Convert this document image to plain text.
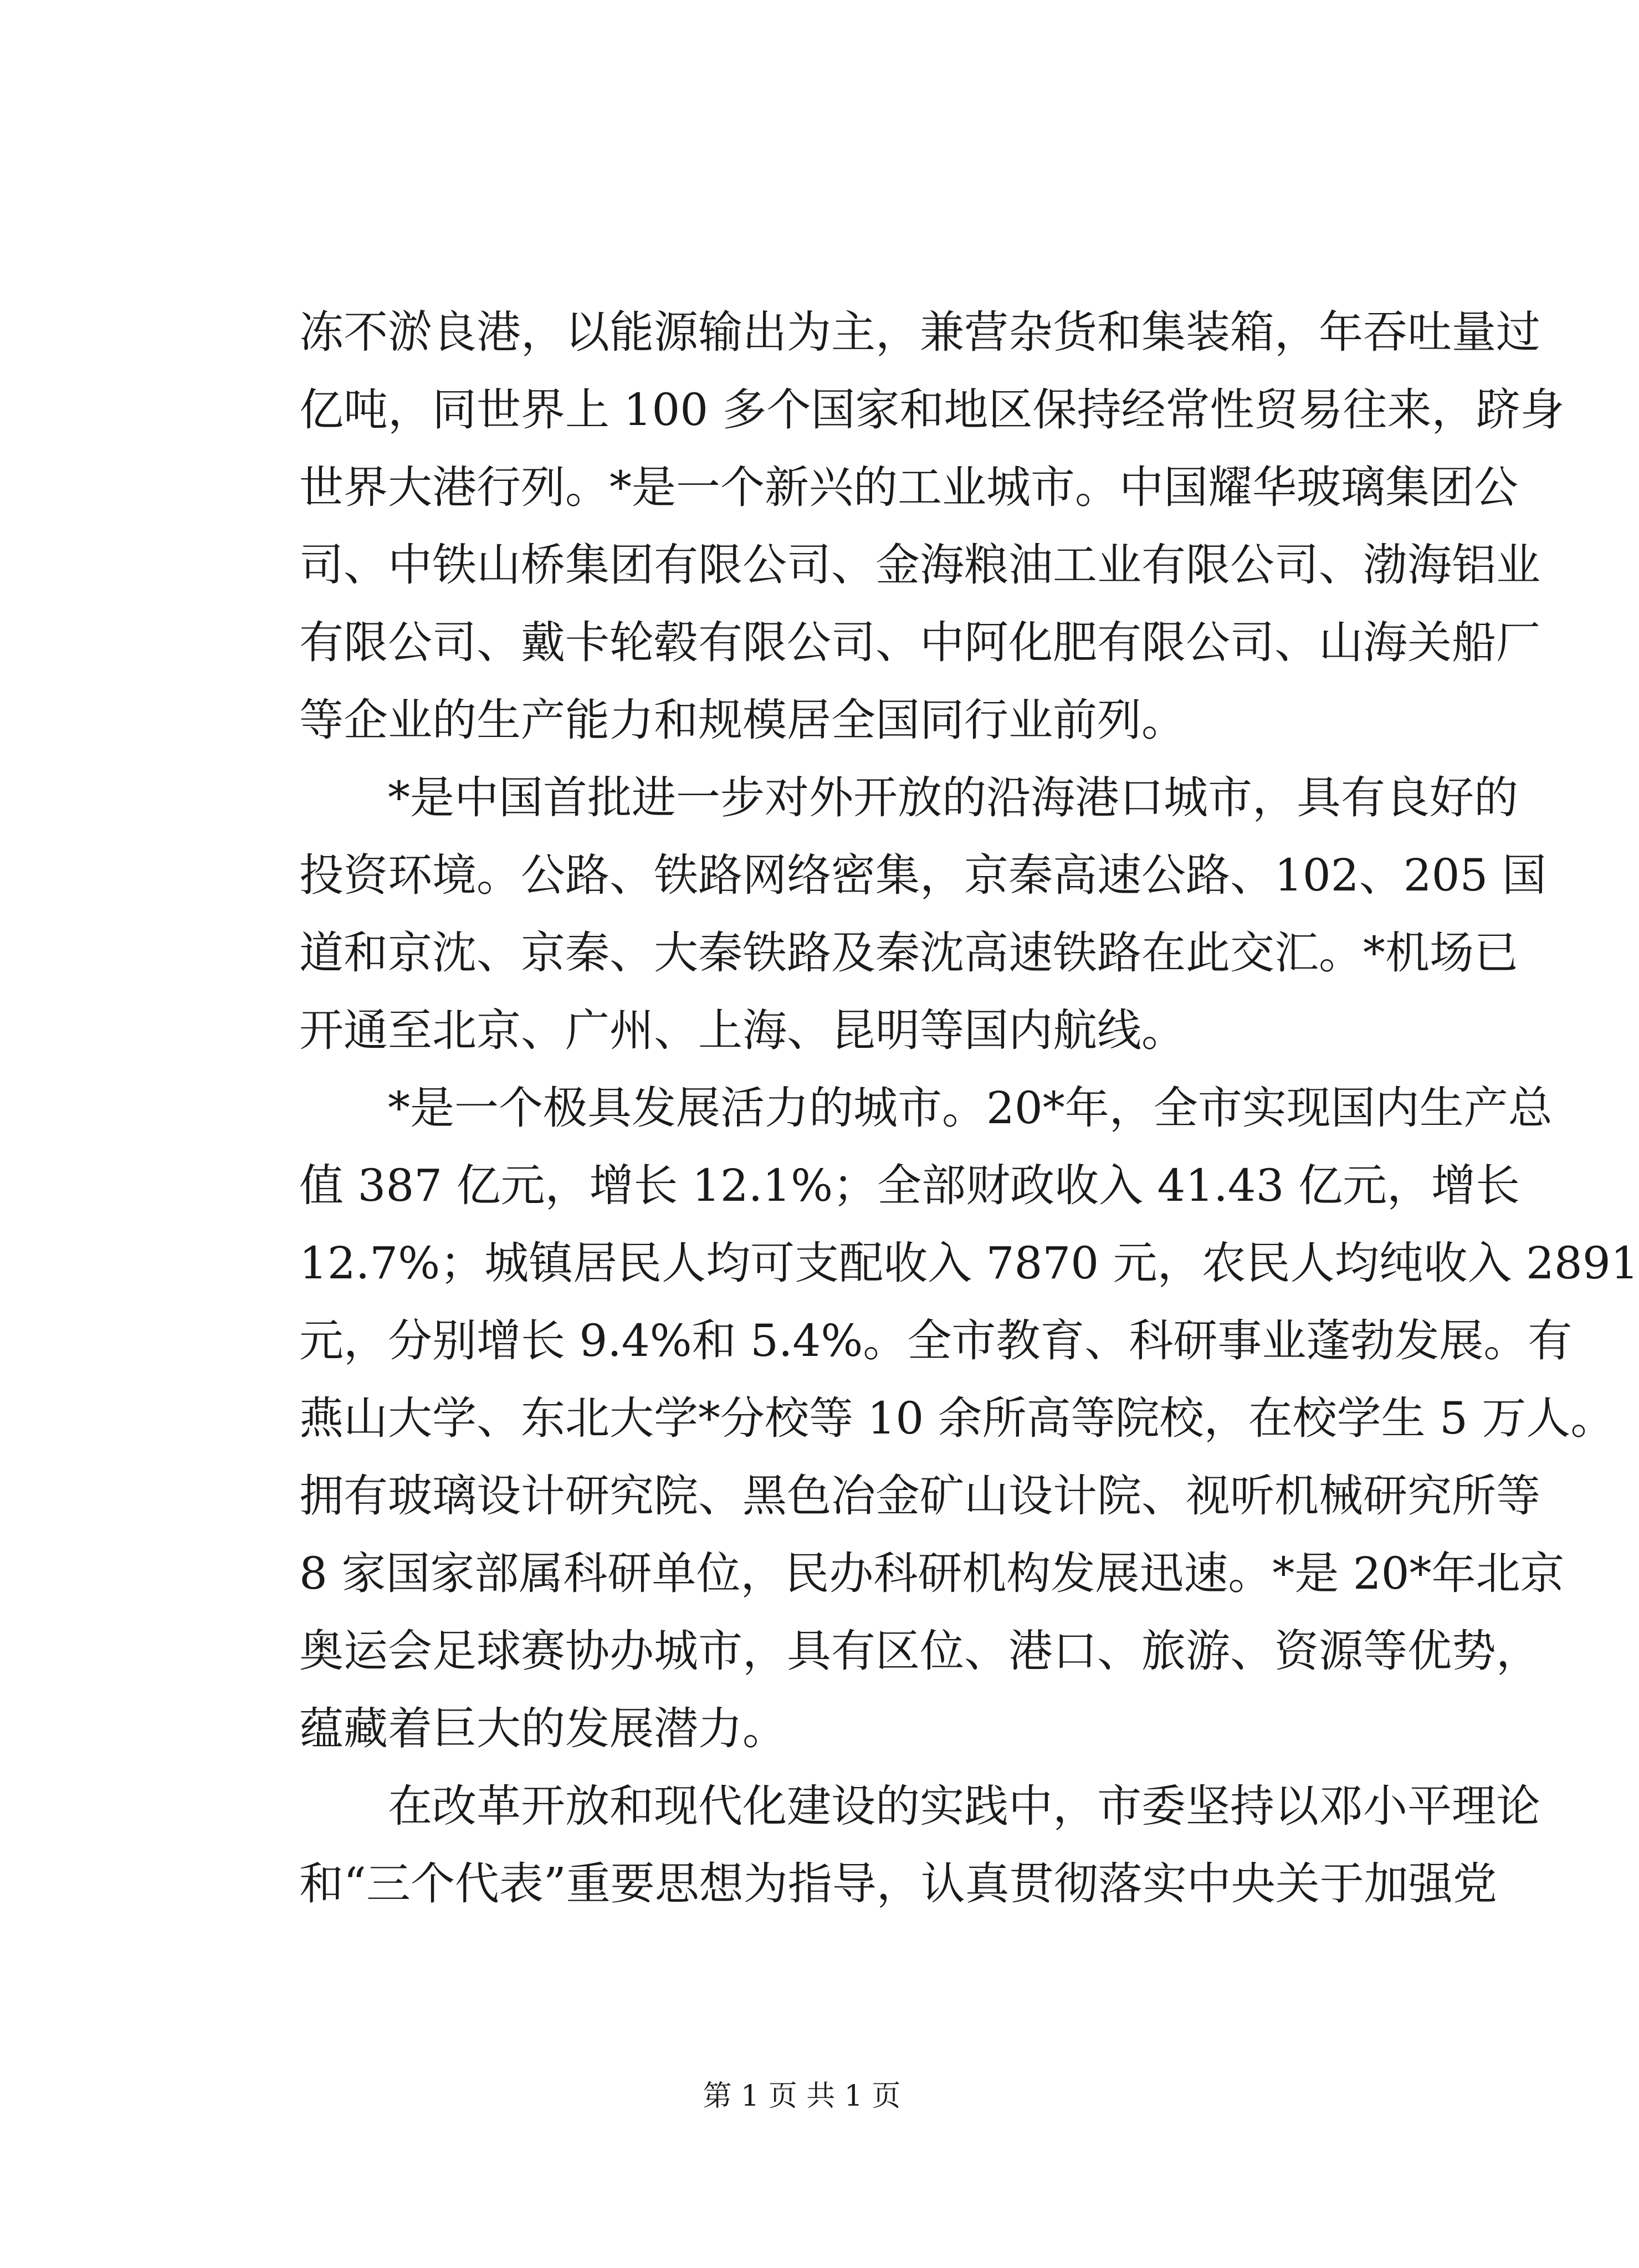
冻不淤良港，以能源输出为主，兼营杂货和集装箱，年吞吐量过
亿吨，同世界上 100 多个国家和地区保持经常性贸易往来，跻身
世界大港行列。*是一个新兴的工业城市。中国耀华玻璃集团公
司、中铁山桥集团有限公司、金海粮油工业有限公司、渤海铝业
有限公司、戴卡轮毂有限公司、中阿化肥有限公司、山海关船厂
等企业的生产能力和规模居全国同行业前列。
*是中国首批进一步对外开放的沿海港口城市，具有良好的
投资环境。公路、铁路网络密集，京秦高速公路、102、205 国
道和京沈、京秦、大秦铁路及秦沈高速铁路在此交汇。*机场已
开通至北京、广州、上海、昆明等国内航线。
*是一个极具发展活力的城市。20*年，全市实现国内生产总
值 387 亿元，增长 12.1%；全部财政收入 41.43 亿元，增长
12.7%；城镇居民人均可支配收入 7870 元，农民人均纯收入 2891
元，分别增长 9.4%和 5.4%。全市教育、科研事业蓬勃发展。有
燕山大学、东北大学*分校等 10 余所高等院校，在校学生 5 万人。
拥有玻璃设计研究院、黑色冶金矿山设计院、视听机械研究所等
8 家国家部属科研单位，民办科研机构发展迅速。*是 20*年北京
奥运会足球赛协办城市，具有区位、港口、旅游、资源等优势，
蕴藏着巨大的发展潜力。
在改革开放和现代化建设的实践中，市委坚持以邓小平理论
和“三个代表”重要思想为指导，认真贯彻落实中央关于加强党
第 1 页 共 1 页
